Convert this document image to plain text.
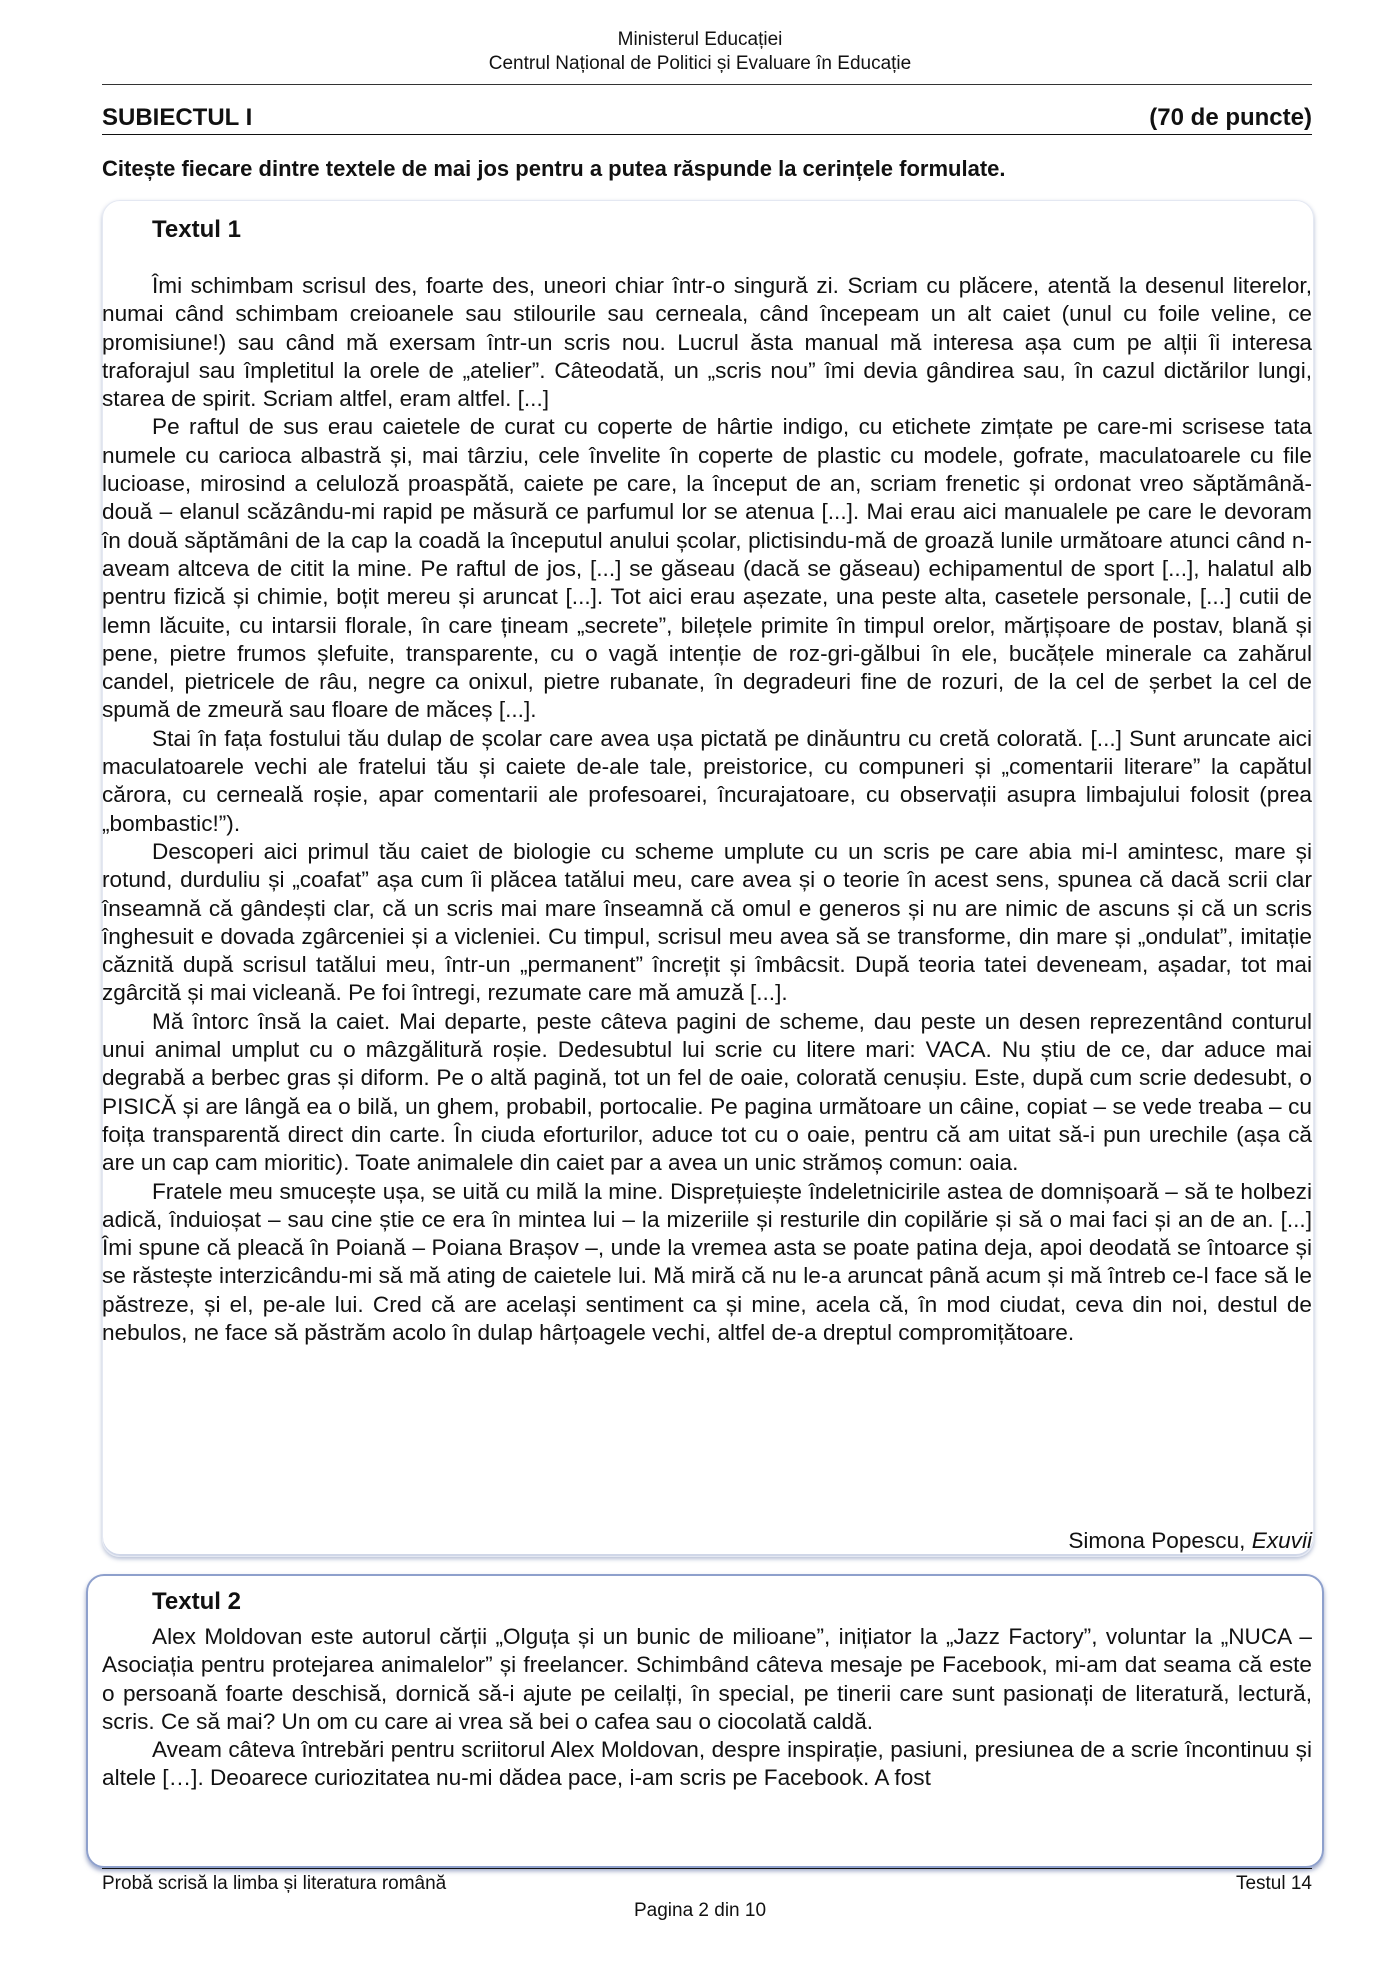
Ministerul Educației
Centrul Național de Politici și Evaluare în Educație
SUBIECTUL I	(70 de puncte)
Citește fiecare dintre textele de mai jos pentru a putea răspunde la cerințele formulate.
Textul 1

Îmi schimbam scrisul des, foarte des, uneori chiar într-o singură zi. Scriam cu plăcere, atentă la desenul literelor, numai când schimbam creioanele sau stilourile sau cerneala, când începeam un alt caiet (unul cu foile veline, ce promisiune!) sau când mă exersam într-un scris nou. Lucrul ăsta manual mă interesa așa cum pe alții îi interesa traforajul sau împletitul la orele de „atelier”. Câteodată, un „scris nou” îmi devia gândirea sau, în cazul dictărilor lungi, starea de spirit. Scriam altfel, eram altfel. [...]

Pe raftul de sus erau caietele de curat cu coperte de hârtie indigo, cu etichete zimțate pe care-mi scrisese tata numele cu carioca albastră și, mai târziu, cele învelite în coperte de plastic cu modele, gofrate, maculatoarele cu file lucioase, mirosind a celuloză proaspătă, caiete pe care, la început de an, scriam frenetic și ordonat vreo săptămână-două – elanul scăzându-mi rapid pe măsură ce parfumul lor se atenua [...]. Mai erau aici manualele pe care le devoram în două săptămâni de la cap la coadă la începutul anului școlar, plictisindu-mă de groază lunile următoare atunci când n-aveam altceva de citit la mine. Pe raftul de jos, [...] se găseau (dacă se găseau) echipamentul de sport [...], halatul alb pentru fizică și chimie, boțit mereu și aruncat [...]. Tot aici erau așezate, una peste alta, casetele personale, [...] cutii de lemn lăcuite, cu intarsii florale, în care țineam „secrete”, bilețele primite în timpul orelor, mărțișoare de postav, blană și pene, pietre frumos șlefuite, transparente, cu o vagă intenție de roz-gri-gălbui în ele, bucățele minerale ca zahărul candel, pietricele de râu, negre ca onixul, pietre rubanate, în degradeuri fine de rozuri, de la cel de șerbet la cel de spumă de zmeură sau floare de măceș [...].

Stai în fața fostului tău dulap de școlar care avea ușa pictată pe dinăuntru cu cretă colorată. [...] Sunt aruncate aici maculatoarele vechi ale fratelui tău și caiete de-ale tale, preistorice, cu compuneri și „comentarii literare” la capătul cărora, cu cerneală roșie, apar comentarii ale profesoarei, încurajatoare, cu observații asupra limbajului folosit (prea „bombastic!”).

Descoperi aici primul tău caiet de biologie cu scheme umplute cu un scris pe care abia mi-l amintesc, mare și rotund, durduliu și „coafat” așa cum îi plăcea tatălui meu, care avea și o teorie în acest sens, spunea că dacă scrii clar înseamnă că gândești clar, că un scris mai mare înseamnă că omul e generos și nu are nimic de ascuns și că un scris înghesuit e dovada zgârceniei și a vicleniei. Cu timpul, scrisul meu avea să se transforme, din mare și „ondulat”, imitație căznită după scrisul tatălui meu, într-un „permanent” încrețit și îmbâcsit. După teoria tatei deveneam, așadar, tot mai zgârcită și mai vicleană. Pe foi întregi, rezumate care mă amuză [...].

Mă întorc însă la caiet. Mai departe, peste câteva pagini de scheme, dau peste un desen reprezentând conturul unui animal umplut cu o mâzgălitură roșie. Dedesubtul lui scrie cu litere mari: VACA. Nu știu de ce, dar aduce mai degrabă a berbec gras și diform. Pe o altă pagină, tot un fel de oaie, colorată cenușiu. Este, după cum scrie dedesubt, o PISICĂ și are lângă ea o bilă, un ghem, probabil, portocalie. Pe pagina următoare un câine, copiat – se vede treaba – cu foița transparentă direct din carte. În ciuda eforturilor, aduce tot cu o oaie, pentru că am uitat să-i pun urechile (așa că are un cap cam mioritic). Toate animalele din caiet par a avea un unic strămoș comun: oaia.

Fratele meu smucește ușa, se uită cu milă la mine. Disprețuiește îndeletnicirile astea de domnișoară – să te holbezi adică, înduioșat – sau cine știe ce era în mintea lui – la mizeriile și resturile din copilărie și să o mai faci și an de an. [...] Îmi spune că pleacă în Poiană – Poiana Brașov –, unde la vremea asta se poate patina deja, apoi deodată se întoarce și se răstește interzicându-mi să mă ating de caietele lui. Mă miră că nu le-a aruncat până acum și mă întreb ce-l face să le păstreze, și el, pe-ale lui. Cred că are același sentiment ca și mine, acela că, în mod ciudat, ceva din noi, destul de nebulos, ne face să păstrăm acolo în dulap hârțoagele vechi, altfel de-a dreptul compromițătoare.

Simona Popescu, Exuvii
Textul 2

Alex Moldovan este autorul cărții „Olguța și un bunic de milioane”, inițiator la „Jazz Factory”, voluntar la „NUCA – Asociația pentru protejarea animalelor” și freelancer. Schimbând câteva mesaje pe Facebook, mi-am dat seama că este o persoană foarte deschisă, dornică să-i ajute pe ceilalți, în special, pe tinerii care sunt pasionați de literatură, lectură, scris. Ce să mai? Un om cu care ai vrea să bei o cafea sau o ciocolată caldă.

Aveam câteva întrebări pentru scriitorul Alex Moldovan, despre inspirație, pasiuni, presiunea de a scrie încontinuu și altele […]. Deoarece curiozitatea nu-mi dădea pace, i-am scris pe Facebook. A fost

Probă scrisă la limba și literatura română	Testul 14
Pagina 2 din 10
